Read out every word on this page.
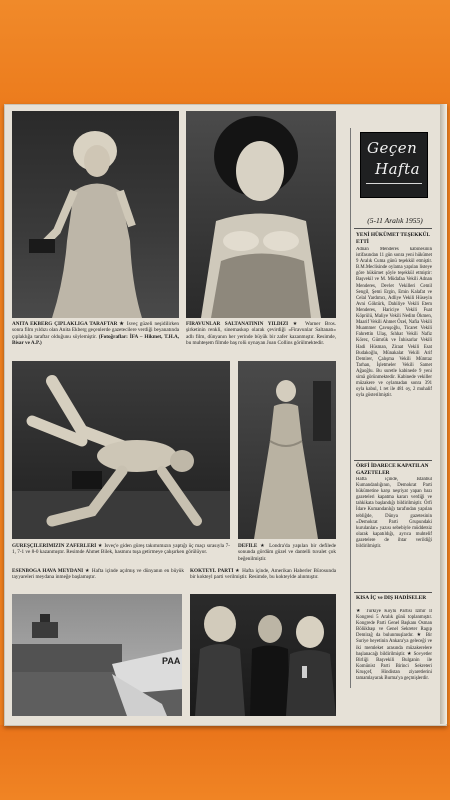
ANITA EKBERG ÇIPLAKLIĞA TARAFTAR ★ İsveç güzeli neşidilirken sonra film yıldızı olan Anita Ekberg geçenlerde gazetecilere verdiği beyanatında çıplaklığa taraftar olduğunu söylemiştir. (Fotoğraflar: İFA – Hikmet, T.H.A, Bisar ve A.P.)
FİRAVUNLAR SALTANATININ YILDIZI ★ Warner Bros. şirketinin renkli, sinemaskop olarak çevirdiği «Firavunlar Saltanatı» adlı film, dünyanın her yerinde büyük bir zafer kazanmıştır. Resimde, bu muhteşem filmde baş rolü oynayan Joan Collins görülmektedir.
GÜREŞÇİLERİMİZİN ZAFERLERİ ★ İsveç'e giden güreş takımımızın yaptığı üç maçı sırasıyla 7-1, 7-1 ve 8-0 kazanmıştır. Resimde Ahmet Bilek, hasmını tuşa getirmeye çalışırken görülüyor.
DEFİLE ★ Londra'da yapılan bir defilede sonunda gördüm güzel ve dantelli tuvalet çok beğenilmiştir.
ESENBOĞA HAVA MEYDANI ★ Hafta içinde açılmış ve dünyanın en büyük tayyareleri meydana inmeğe başlamıştır.
KOKTEYL PARTİ ★ Hafta içinde, Amerikan Haberler Bürosunda bir kokteyl parti verilmiştir. Resimde, bu kokteylde alınmıştır.
PAA
Geçen
Hafta
(5-11 Aralık 1955)
YENİ HÜKÜMET TEŞEKKÜL ETTİ
Adnan Menderes kabinesinin istifasından 11 gün sonra yeni hükümet 9 Aralık Cuma günü teşekkül etmiştir. B.M.Meclisinde oylama yapılan listeye göre hükümet şöyle teşekkül etmiştir: Başvekil ve M. Müdafaa Vekili Adnan Menderes, Devlet Vekilleri Cemil Sengil, Şemi Ergin, Emin Kalafat ve Celal Yardımcı, Adliye Vekili Hüseyin Avni Göktürk, Dahiliye Vekili Etem Menderes, Hariciye Vekili Fuat Köprülü, Maliye Vekili Nedim Ökmen, Maarif Vekili Ahmet Özel, Nafia Vekili Muammer Çavuşoğlu, Ticaret Vekili Fahrettin Ulaş, Sıhhat Vekili Nafiz Körez, Gümrük ve İnhisarlar Vekili Hadi Hüsman, Ziraat Vekili Esat Budakoğlu, Münakalat Vekili Arif Demirer, Çalışma Vekili Mümtaz Tarhan, İşletmeler Vekili Samet Ağaoğlu. Bu suretle kabinede 9 yeni simâ görünmektedir. Kabinede vekiller müzakere ve oylamadan sonra 391 oyla kabul, 1 ret ile 481 oy, 2 muhalif oyla gösterilmiştir.
ÖRFİ İDARECE KAPATILAN GAZETELER
Hafta içinde, İstanbul Kumandanlığının, Demokrat Parti hükümetine karşı neşriyat yapan bazı gazeteleri kapatma kararı verdiği ve tahkikata başlandığı bildirilmiştir. Örfi İdare Kumandanlığı tarafından yapılan tebliğde, Dünya gazetesinin «Demokrat Parti Grupundaki kurulanlar» yazısı sebebiyle müddetsiz olarak kapatıldığı, ayrıca muhtelif gazetelere de ihtar verildiği bildirilmiştir.
KISA İÇ ve DIŞ HADİSELER
★ Türkiye Köylü Partisi İzmir İl Kongresi 5 Aralık günü toplanmıştır. Kongrede Parti Genel Başkanı Osman Bölükbaşı ve Genel Sekreter Ragıp Demirağ da bulunmuşlardır. ★ Bir Suriye heyetinin Ankara'ya geleceği ve iki memleket arasında müzakerelere başlanacağı bildirilmiştir. ★ Sovyetler Birliği Başvekili Bulganin ile Komünist Parti Birinci Sekreteri Kruşçef, Hindistan ziyaretlerini tamamlayarak Burma'ya geçmişlerdir.
